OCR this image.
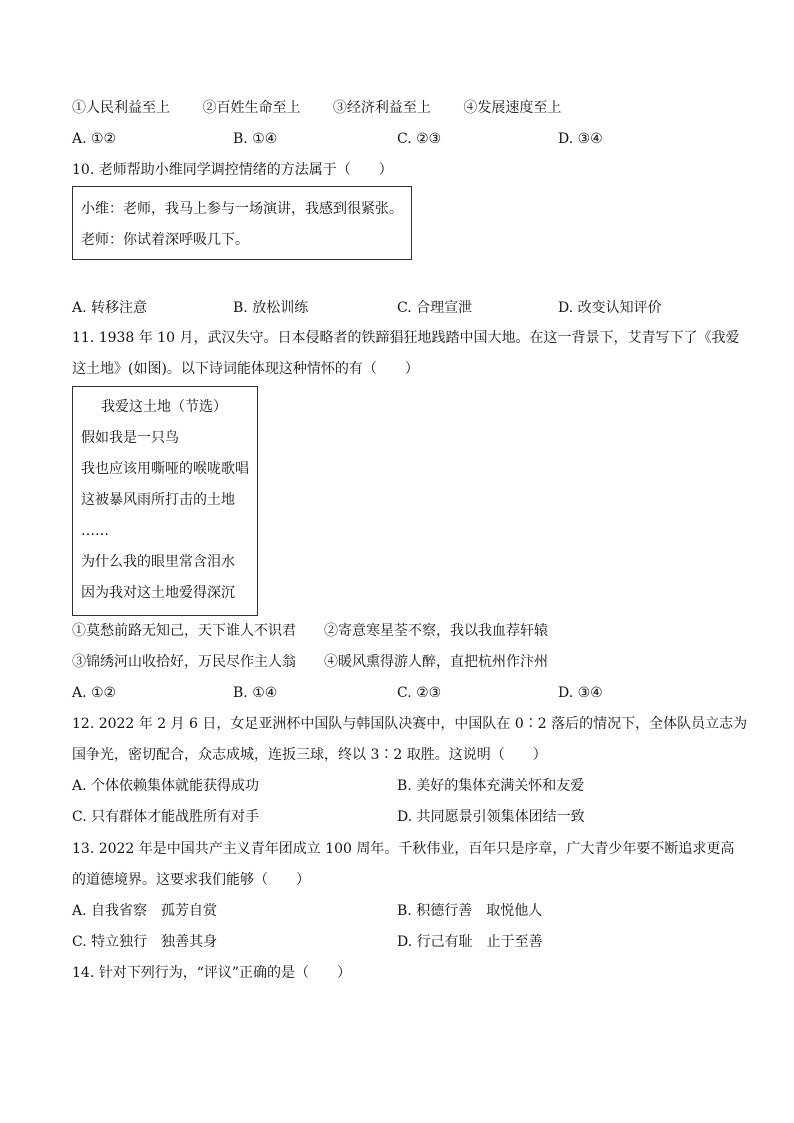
①人民利益至上 ②百姓生命至上 ③经济利益至上 ④发展速度至上
A. ①②	B. ①④	C. ②③	D. ③④
10. 老师帮助小维同学调控情绪的方法属于（　　）
小维：老师，我马上参与一场演讲，我感到很紧张。
老师：你试着深呼吸几下。
A. 转移注意	B. 放松训练	C. 合理宣泄	D. 改变认知评价
11. 1938 年 10 月，武汉失守。日本侵略者的铁蹄猖狂地践踏中国大地。在这一背景下，艾青写下了《我爱
这土地》(如图)。以下诗词能体现这种情怀的有（　　）
我爱这土地（节选）
假如我是一只鸟
我也应该用嘶哑的喉咙歌唱
这被暴风雨所打击的土地
……
为什么我的眼里常含泪水
因为我对这土地爱得深沉
①莫愁前路无知己，天下谁人不识君 ②寄意寒星荃不察，我以我血荐轩辕
③锦绣河山收拾好，万民尽作主人翁 ④暖风熏得游人醉，直把杭州作汴州
A. ①②	B. ①④	C. ②③	D. ③④
12. 2022 年 2 月 6 日，女足亚洲杯中国队与韩国队决赛中，中国队在 0∶2 落后的情况下，全体队员立志为
国争光，密切配合，众志成城，连扳三球，终以 3∶2 取胜。这说明（　　）
A. 个体依赖集体就能获得成功	B. 美好的集体充满关怀和友爱
C. 只有群体才能战胜所有对手	D. 共同愿景引领集体团结一致
13. 2022 年是中国共产主义青年团成立 100 周年。千秋伟业，百年只是序章，广大青少年要不断追求更高
的道德境界。这要求我们能够（　　）
A. 自我省察　孤芳自赏	B. 积德行善　取悦他人
C. 特立独行　独善其身	D. 行己有耻　止于至善
14. 针对下列行为，“评议”正确的是（　　）
